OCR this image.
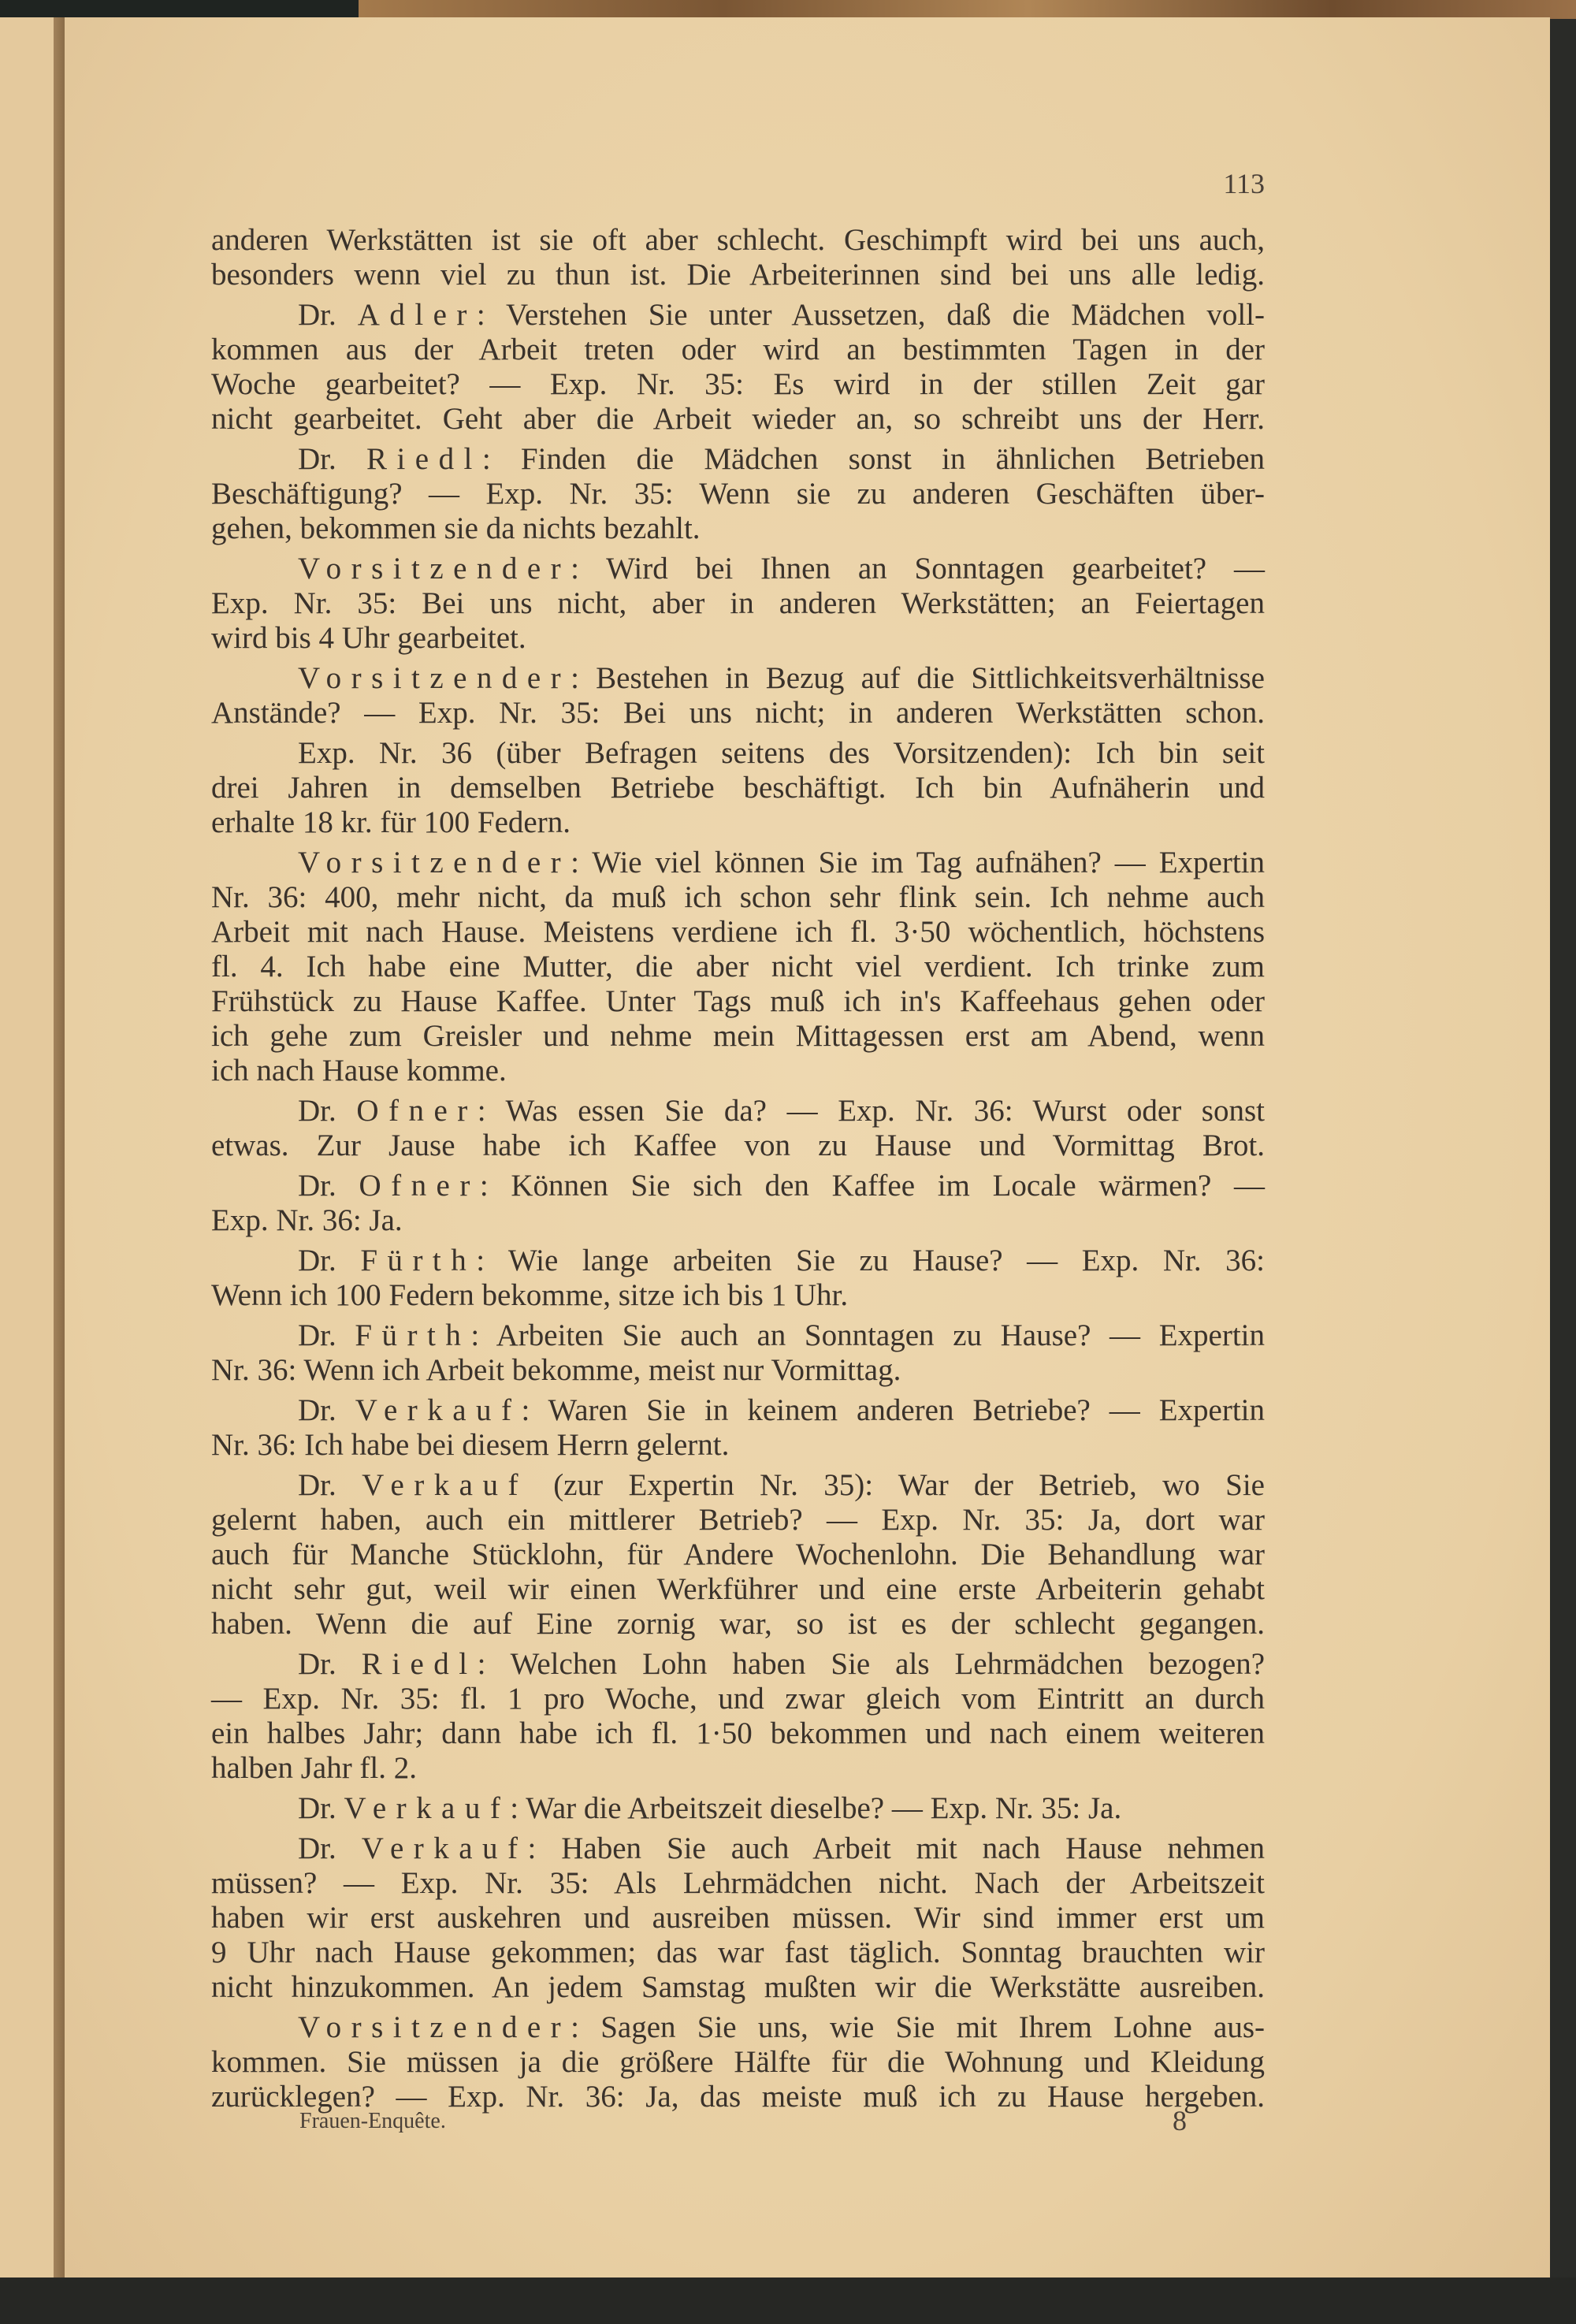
113
anderen Werkstätten ist sie oft aber schlecht. Geschimpft wird bei uns auch,
besonders wenn viel zu thun ist. Die Arbeiterinnen sind bei uns alle ledig.
Dr. Adler: Verstehen Sie unter Aussetzen, daß die Mädchen voll-
kommen aus der Arbeit treten oder wird an bestimmten Tagen in der
Woche gearbeitet? — Exp. Nr. 35: Es wird in der stillen Zeit gar
nicht gearbeitet. Geht aber die Arbeit wieder an, so schreibt uns der Herr.
Dr. Riedl: Finden die Mädchen sonst in ähnlichen Betrieben
Beschäftigung? — Exp. Nr. 35: Wenn sie zu anderen Geschäften über-
gehen, bekommen sie da nichts bezahlt.
Vorsitzender: Wird bei Ihnen an Sonntagen gearbeitet? —
Exp. Nr. 35: Bei uns nicht, aber in anderen Werkstätten; an Feiertagen
wird bis 4 Uhr gearbeitet.
Vorsitzender: Bestehen in Bezug auf die Sittlichkeitsverhältnisse
Anstände? — Exp. Nr. 35: Bei uns nicht; in anderen Werkstätten schon.
Exp. Nr. 36 (über Befragen seitens des Vorsitzenden): Ich bin seit
drei Jahren in demselben Betriebe beschäftigt. Ich bin Aufnäherin und
erhalte 18 kr. für 100 Federn.
Vorsitzender: Wie viel können Sie im Tag aufnähen? — Expertin
Nr. 36: 400, mehr nicht, da muß ich schon sehr flink sein. Ich nehme auch
Arbeit mit nach Hause. Meistens verdiene ich fl. 3·50 wöchentlich, höchstens
fl. 4. Ich habe eine Mutter, die aber nicht viel verdient. Ich trinke zum
Frühstück zu Hause Kaffee. Unter Tags muß ich in's Kaffeehaus gehen oder
ich gehe zum Greisler und nehme mein Mittagessen erst am Abend, wenn
ich nach Hause komme.
Dr. Ofner: Was essen Sie da? — Exp. Nr. 36: Wurst oder sonst
etwas. Zur Jause habe ich Kaffee von zu Hause und Vormittag Brot.
Dr. Ofner: Können Sie sich den Kaffee im Locale wärmen? —
Exp. Nr. 36: Ja.
Dr. Fürth: Wie lange arbeiten Sie zu Hause? — Exp. Nr. 36:
Wenn ich 100 Federn bekomme, sitze ich bis 1 Uhr.
Dr. Fürth: Arbeiten Sie auch an Sonntagen zu Hause? — Expertin
Nr. 36: Wenn ich Arbeit bekomme, meist nur Vormittag.
Dr. Verkauf: Waren Sie in keinem anderen Betriebe? — Expertin
Nr. 36: Ich habe bei diesem Herrn gelernt.
Dr. Verkauf (zur Expertin Nr. 35): War der Betrieb, wo Sie
gelernt haben, auch ein mittlerer Betrieb? — Exp. Nr. 35: Ja, dort war
auch für Manche Stücklohn, für Andere Wochenlohn. Die Behandlung war
nicht sehr gut, weil wir einen Werkführer und eine erste Arbeiterin gehabt
haben. Wenn die auf Eine zornig war, so ist es der schlecht gegangen.
Dr. Riedl: Welchen Lohn haben Sie als Lehrmädchen bezogen?
— Exp. Nr. 35: fl. 1 pro Woche, und zwar gleich vom Eintritt an durch
ein halbes Jahr; dann habe ich fl. 1·50 bekommen und nach einem weiteren
halben Jahr fl. 2.
Dr. Verkauf: War die Arbeitszeit dieselbe? — Exp. Nr. 35: Ja.
Dr. Verkauf: Haben Sie auch Arbeit mit nach Hause nehmen
müssen? — Exp. Nr. 35: Als Lehrmädchen nicht. Nach der Arbeitszeit
haben wir erst auskehren und ausreiben müssen. Wir sind immer erst um
9 Uhr nach Hause gekommen; das war fast täglich. Sonntag brauchten wir
nicht hinzukommen. An jedem Samstag mußten wir die Werkstätte ausreiben.
Vorsitzender: Sagen Sie uns, wie Sie mit Ihrem Lohne aus-
kommen. Sie müssen ja die größere Hälfte für die Wohnung und Kleidung
zurücklegen? — Exp. Nr. 36: Ja, das meiste muß ich zu Hause hergeben.
Frauen-Enquête.	8
